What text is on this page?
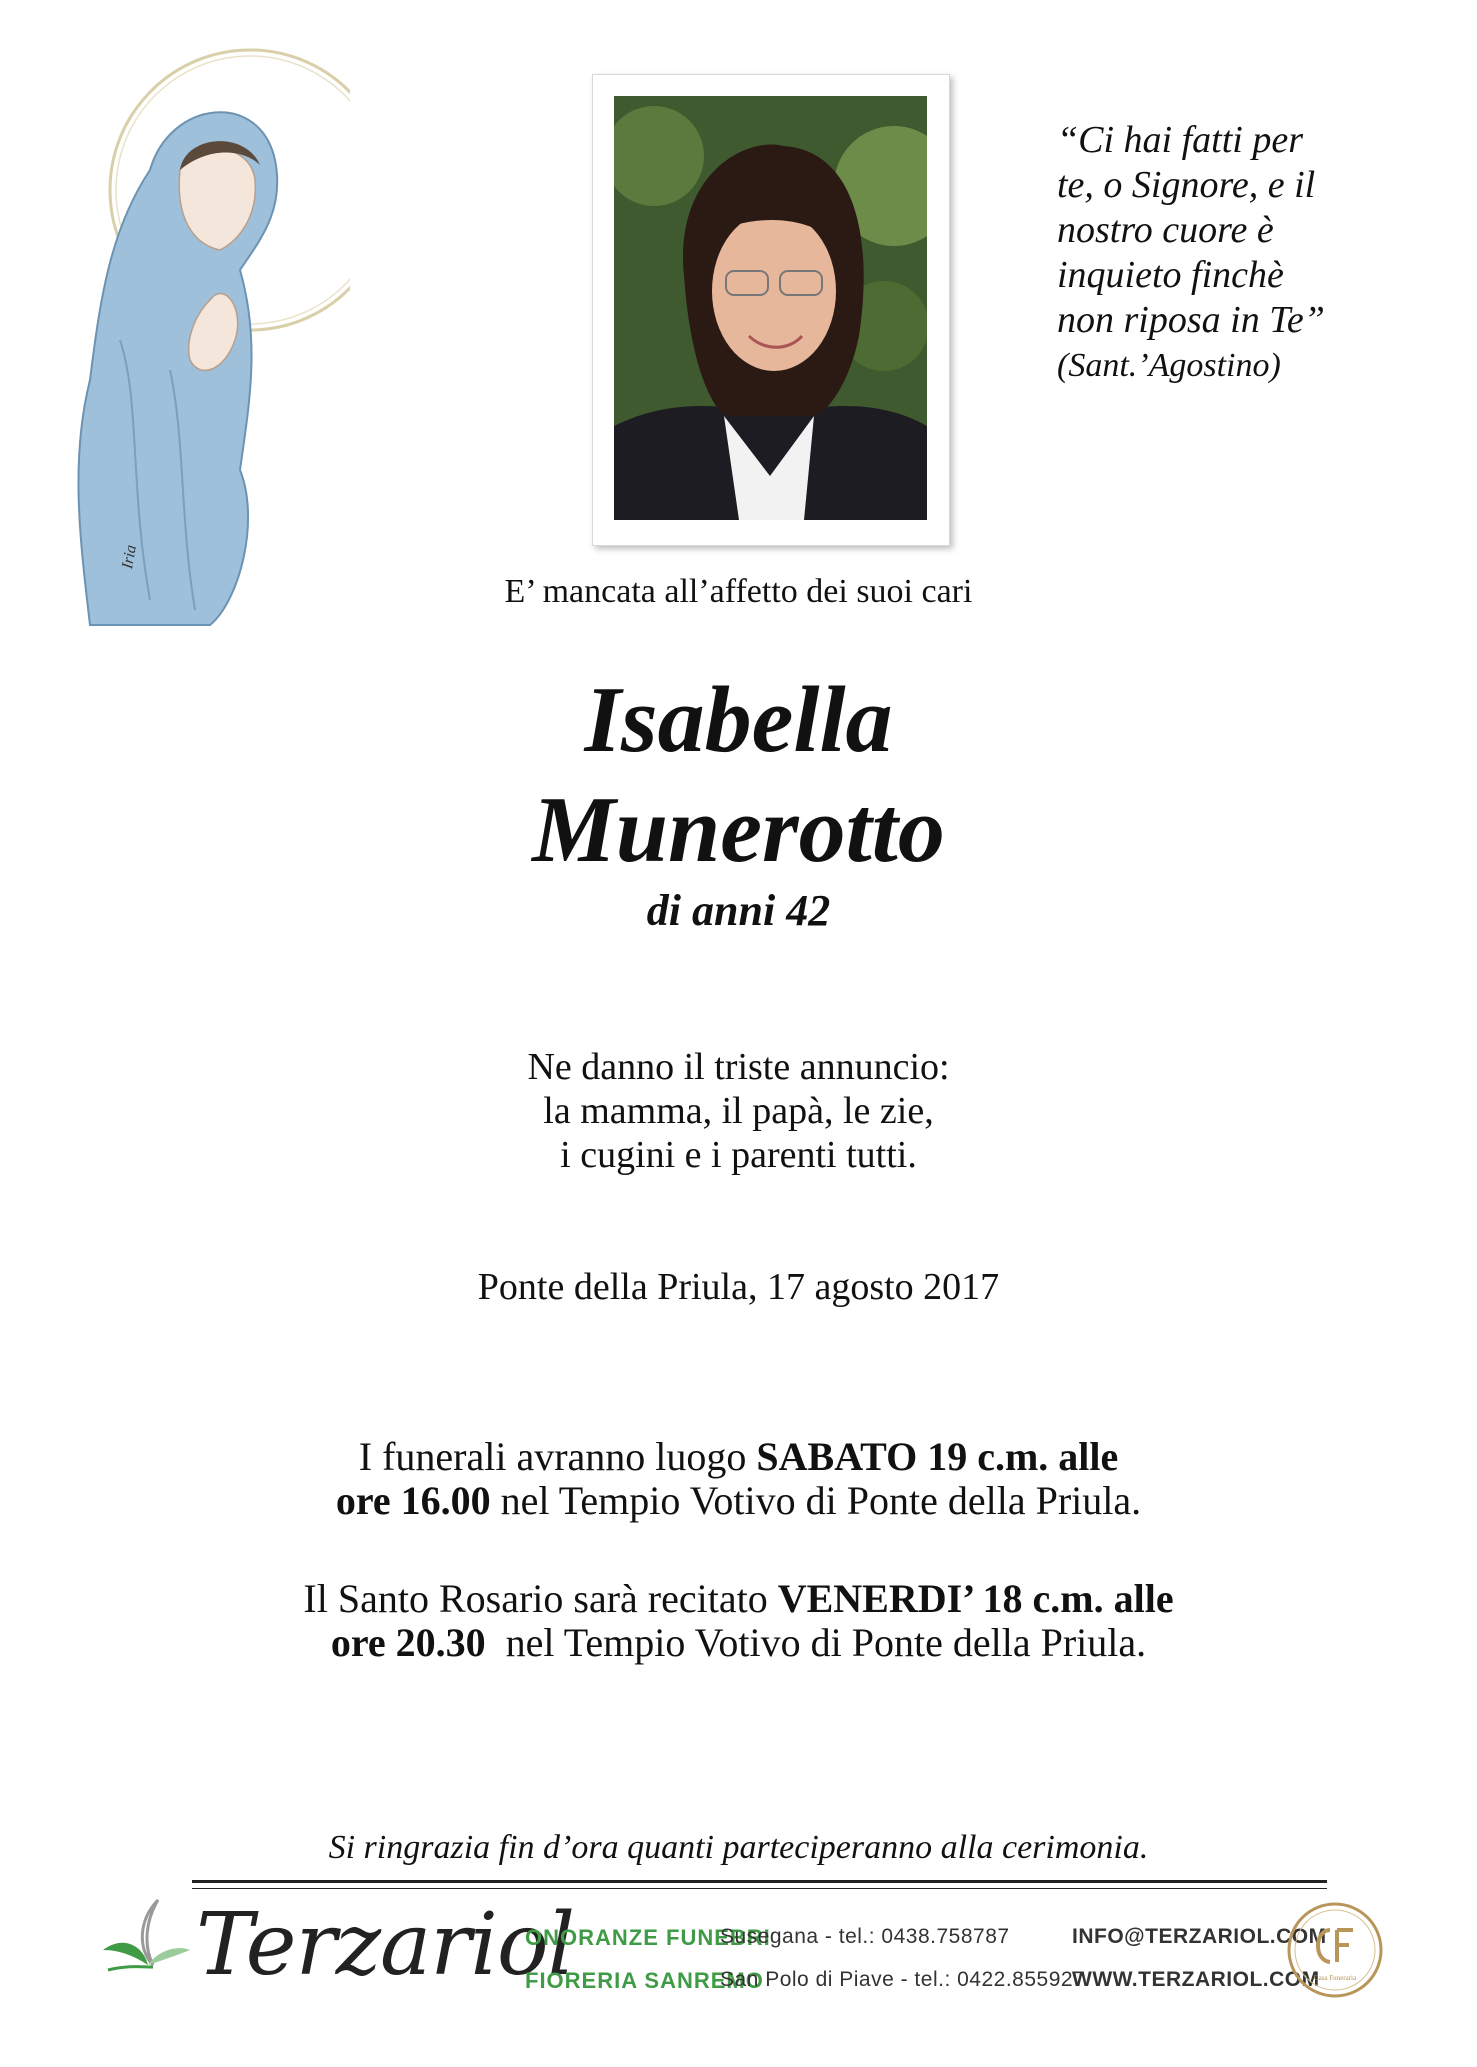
Iria
“Ci hai fatti per
te, o Signore, e il
nostro cuore è
inquieto finchè
non riposa in Te”
(Sant.’Agostino)
E’ mancata all’affetto dei suoi cari
Isabella
Munerotto
di anni 42
Ne danno il triste annuncio:
la mamma, il papà, le zie,
i cugini e i parenti tutti.
Ponte della Priula, 17 agosto 2017
I funerali avranno luogo SABATO 19 c.m. alle
ore 16.00 nel Tempio Votivo di Ponte della Priula.
Il Santo Rosario sarà recitato VENERDI’ 18 c.m. alle
ore 20.30  nel Tempio Votivo di Ponte della Priula.
Si ringrazia fin d’ora quanti parteciperanno alla cerimonia.
Terzariol
ONORANZE FUNEBRI
FIORERIA SANREMO
Susegana - tel.: 0438.758787
San Polo di Piave - tel.: 0422.855927
INFO@TERZARIOL.COM
WWW.TERZARIOL.COM
Casa Funeraria
